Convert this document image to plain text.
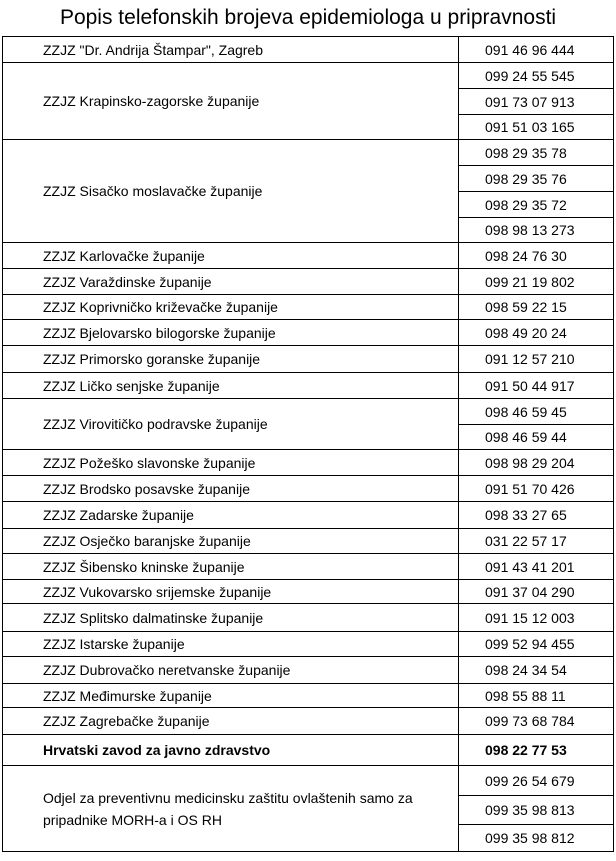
Popis telefonskih brojeva epidemiologa u pripravnosti
ZZJZ "Dr. Andrija Štampar", Zagreb	091 46 96 444
ZZJZ Krapinsko-zagorske županije	099 24 55 545
	091 73 07 913
	091 51 03 165
ZZJZ Sisačko moslavačke županije	098 29 35 78
	098 29 35 76
	098 29 35 72
	098 98 13 273
ZZJZ Karlovačke županije	098 24 76 30
ZZJZ Varaždinske županije	099 21 19 802
ZZJZ Koprivničko križevačke županije	098 59 22 15
ZZJZ Bjelovarsko bilogorske županije	098 49 20 24
ZZJZ Primorsko goranske županije	091 12 57 210
ZZJZ Ličko senjske županije	091 50 44 917
ZZJZ Virovitičko podravske županije	098 46 59 45
	098 46 59 44
ZZJZ Požeško slavonske županije	098 98 29 204
ZZJZ Brodsko posavske županije	091 51 70 426
ZZJZ Zadarske županije	098 33 27 65
ZZJZ Osječko baranjske županije	031 22 57 17
ZZJZ Šibensko kninske županije	091 43 41 201
ZZJZ Vukovarsko srijemske županije	091 37 04 290
ZZJZ Splitsko dalmatinske županije	091 15 12 003
ZZJZ Istarske županije	099 52 94 455
ZZJZ Dubrovačko neretvanske županije	098 24 34 54
ZZJZ Međimurske županije	098 55 88 11
ZZJZ Zagrebačke županije	099 73 68 784
Hrvatski zavod za javno zdravstvo	098 22 77 53
Odjel za preventivnu medicinsku zaštitu ovlaštenih samo za pripadnike MORH-a i OS RH	099 26 54 679
	099 35 98 813
	099 35 98 812
